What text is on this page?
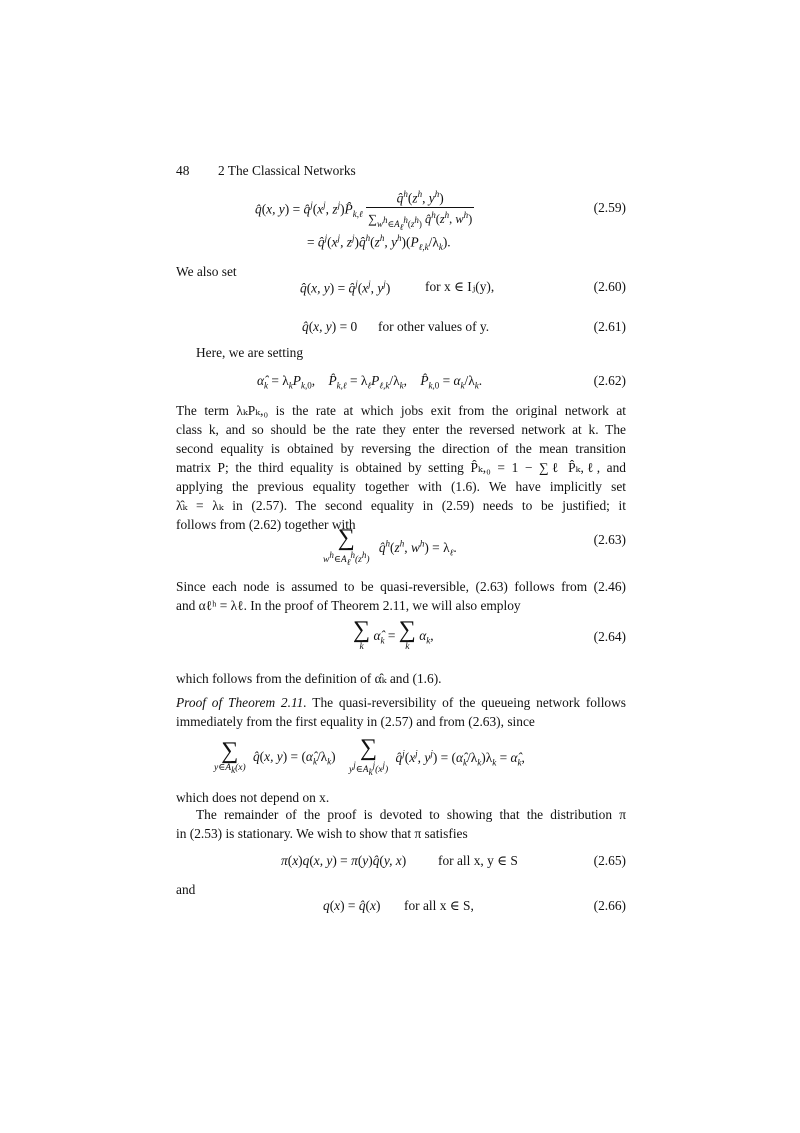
48 2 The Classical Networks
q̂(x, $y) = q̂^j(x^j$, $z^j)P̂_{k,\ell} \frac{q̂^h(z^h, y^h)}{\sum_{w^h\in A_\ell^h(z^h)} q̂^h(z^h, w^h)}$	(2.59)
= $q̂^j(x^j$, $z^j)q̂^h(z^h$, $y^h)(P_{\ell,k}/\lambda_k)$.
We also set
q̂(x, $y) = q̂^j(x^j$, $y^j$) for x ∈ Iⱼ(y),	(2.60)
q̂(x, y) = 0 for other values of y.	(2.61)
Here, we are setting
$\alphâ_k = \lambda_kP_{k,0}$,    $P̂_{k,\ell} = \lambda_\ell P_{\ell,k}/\lambda_k$,    $P̂_{k,0} = \alpha_k/\lambda_k$.	(2.62)
The term λₖPₖ,₀ is the rate at which jobs exit from the original network at
class k, and so should be the rate they enter the reversed network at k. The
second equality is obtained by reversing the direction of the mean transition
matrix P; the third equality is obtained by setting P̂ₖ,₀ = 1 − ∑ℓ P̂ₖ,ℓ, and
applying the previous equality together with (1.6). We have implicitly set
λ̂ₖ = λₖ in (2.57). The second equality in (2.59) needs to be justified; it
follows from (2.62) together with
∑
$w^h\in A_\ell^h(z^h)$
$q̂^h(z^h$, $w^h) = \lambda_\ell$.
(2.63)
Since each node is assumed to be quasi-reversible, (2.63) follows from (2.46)
and αℓʰ = λℓ. In the proof of Theorem 2.11, we will also employ
∑
k
$\alphâ_k$ = ∑
k
$\alpha_k$,	(2.64)
which follows from the definition of α̂ₖ and (1.6).
Proof of Theorem 2.11. The quasi-reversibility of the queueing network follows
immediately from the first equality in (2.57) and from (2.63), since
∑
$y\in A_k(x)$
q̂(x, $y) = (\alphâ_k/\lambda_k)$ ∑
$y^j\in A_k^j(x^j)$
$q̂^j(x^j$, $y^j$) = $(\alphâ_k/\lambda_k)\lambda_k$ = $\alphâ_k$,
which does not depend on x.
The remainder of the proof is devoted to showing that the distribution π
in (2.53) is stationary. We wish to show that π satisfies
π(x)q(x, y) = π(y)q̂(y, x) for all x, y ∈ S	(2.65)
and
q(x) = q̂(x) for all x ∈ S,	(2.66)
